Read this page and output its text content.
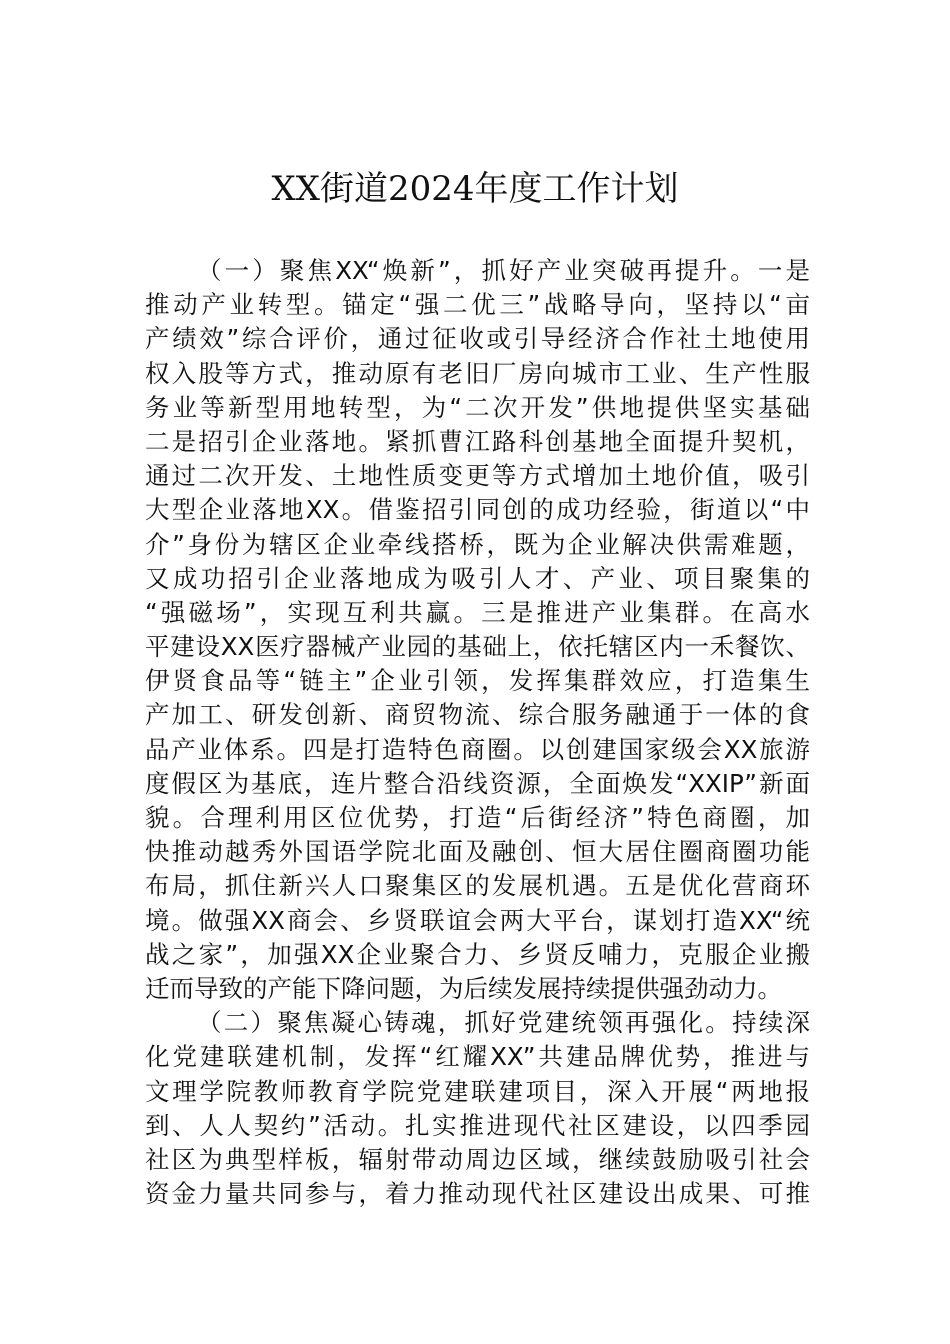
XX街道2024年度工作计划
（一）聚焦XX“焕新”，抓好产业突破再提升。一是
推动产业转型。锚定“强二优三”战略导向，坚持以“亩
产绩效”综合评价，通过征收或引导经济合作社土地使用
权入股等方式，推动原有老旧厂房向城市工业、生产性服
务业等新型用地转型，为“二次开发”供地提供坚实基础
二是招引企业落地。紧抓曹江路科创基地全面提升契机，
通过二次开发、土地性质变更等方式增加土地价值，吸引
大型企业落地XX。借鉴招引同创的成功经验，街道以“中
介”身份为辖区企业牵线搭桥，既为企业解决供需难题，
又成功招引企业落地成为吸引人才、产业、项目聚集的
“强磁场”，实现互利共赢。三是推进产业集群。在高水
平建设XX医疗器械产业园的基础上，依托辖区内一禾餐饮、
伊贤食品等“链主”企业引领，发挥集群效应，打造集生
产加工、研发创新、商贸物流、综合服务融通于一体的食
品产业体系。四是打造特色商圈。以创建国家级会XX旅游
度假区为基底，连片整合沿线资源，全面焕发“XXIP”新面
貌。合理利用区位优势，打造“后街经济”特色商圈，加
快推动越秀外国语学院北面及融创、恒大居住圈商圈功能
布局，抓住新兴人口聚集区的发展机遇。五是优化营商环
境。做强XX商会、乡贤联谊会两大平台，谋划打造XX“统
战之家”，加强XX企业聚合力、乡贤反哺力，克服企业搬
迁而导致的产能下降问题，为后续发展持续提供强劲动力。
（二）聚焦凝心铸魂，抓好党建统领再强化。持续深
化党建联建机制，发挥“红耀XX”共建品牌优势，推进与
文理学院教师教育学院党建联建项目，深入开展“两地报
到、人人契约”活动。扎实推进现代社区建设，以四季园
社区为典型样板，辐射带动周边区域，继续鼓励吸引社会
资金力量共同参与，着力推动现代社区建设出成果、可推
